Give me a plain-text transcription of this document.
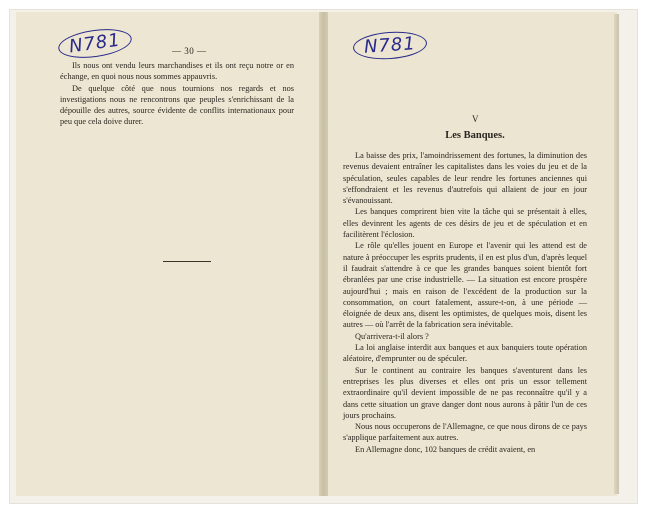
N781	— 30 —

Ils nous ont vendu leurs marchandises et ils ont reçu notre or en échange, en quoi nous nous sommes appauvris.

De quelque côté que nous tournions nos regards et nos investigations nous ne rencontrons que peuples s'enrichissant de la dépouille des autres, source évidente de conflits internationaux pour peu que cela doive durer.

N781
V
Les Banques.

La baisse des prix, l'amoindrissement des fortunes, la diminution des revenus devaient entraîner les capitalistes dans les voies du jeu et de la spéculation, seules capables de leur rendre les fortunes anciennes qui s'effondraient et les revenus d'autrefois qui allaient de jour en jour s'évanouissant.

Les banques comprirent bien vite la tâche qui se présentait à elles, elles devinrent les agents de ces désirs de jeu et de spéculation et en facilitèrent l'éclosion.

Le rôle qu'elles jouent en Europe et l'avenir qui les attend est de nature à préoccuper les esprits prudents, il en est plus d'un, d'après lequel il faudrait s'attendre à ce que les grandes banques soient bientôt fort ébranlées par une crise industrielle. — La situation est encore prospère aujourd'hui ; mais en raison de l'excédent de la production sur la consommation, on court fatalement, assure-t-on, à une période — éloignée de deux ans, disent les optimistes, de quelques mois, disent les autres — où l'arrêt de la fabrication sera inévitable.

Qu'arrivera-t-il alors ?

La loi anglaise interdit aux banques et aux banquiers toute opération aléatoire, d'emprunter ou de spéculer.

Sur le continent au contraire les banques s'aventurent dans les entreprises les plus diverses et elles ont pris un essor tellement extraordinaire qu'il devient impossible de ne pas reconnaître qu'il y a dans cette situation un grave danger dont nous aurons à pâtir l'un de ces jours prochains.

Nous nous occuperons de l'Allemagne, ce que nous dirons de ce pays s'applique parfaitement aux autres.

En Allemagne donc, 102 banques de crédit avaient, en
